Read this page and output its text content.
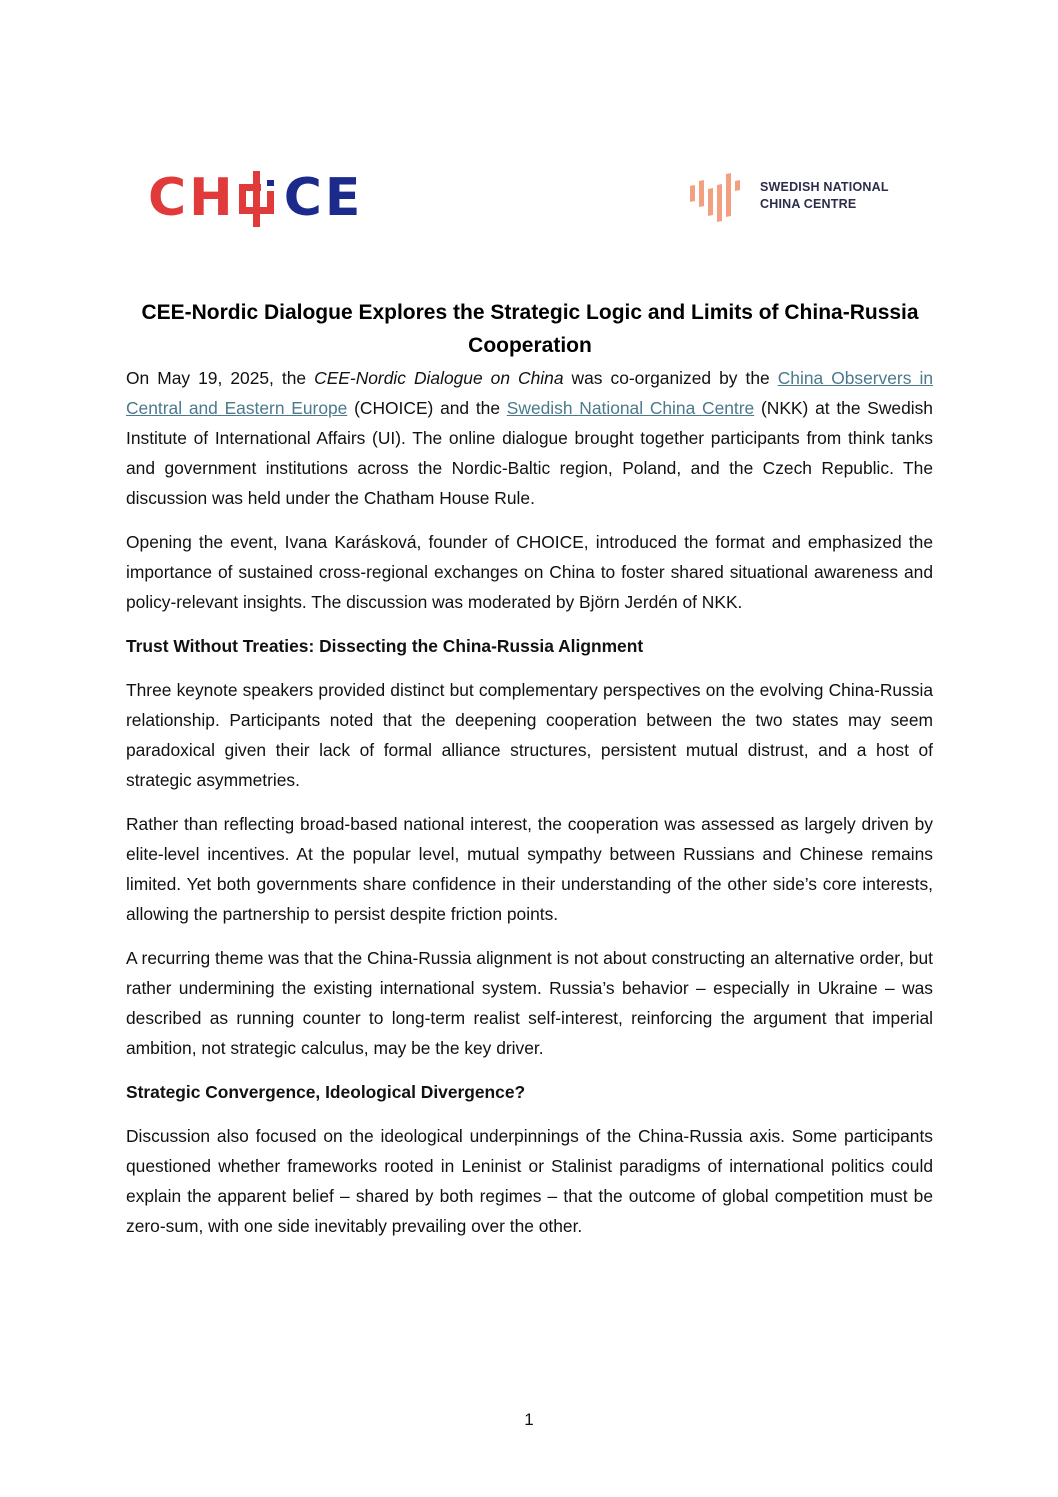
CH CE	SWEDISH NATIONAL
CHINA CENTRE
CEE-Nordic Dialogue Explores the Strategic Logic and Limits of China-Russia Cooperation

On May 19, 2025, the CEE-Nordic Dialogue on China was co-organized by the China Observers in Central and Eastern Europe (CHOICE) and the Swedish National China Centre (NKK) at the Swedish Institute of International Affairs (UI). The online dialogue brought together participants from think tanks and government institutions across the Nordic-Baltic region, Poland, and the Czech Republic. The discussion was held under the Chatham House Rule.

Opening the event, Ivana Karásková, founder of CHOICE, introduced the format and emphasized the importance of sustained cross-regional exchanges on China to foster shared situational awareness and policy-relevant insights. The discussion was moderated by Björn Jerdén of NKK.

Trust Without Treaties: Dissecting the China-Russia Alignment

Three keynote speakers provided distinct but complementary perspectives on the evolving China-Russia relationship. Participants noted that the deepening cooperation between the two states may seem paradoxical given their lack of formal alliance structures, persistent mutual distrust, and a host of strategic asymmetries.

Rather than reflecting broad-based national interest, the cooperation was assessed as largely driven by elite-level incentives. At the popular level, mutual sympathy between Russians and Chinese remains limited. Yet both governments share confidence in their understanding of the other side’s core interests, allowing the partnership to persist despite friction points.

A recurring theme was that the China-Russia alignment is not about constructing an alternative order, but rather undermining the existing international system. Russia’s behavior – especially in Ukraine – was described as running counter to long-term realist self-interest, reinforcing the argument that imperial ambition, not strategic calculus, may be the key driver.

Strategic Convergence, Ideological Divergence?

Discussion also focused on the ideological underpinnings of the China-Russia axis. Some participants questioned whether frameworks rooted in Leninist or Stalinist paradigms of international politics could explain the apparent belief – shared by both regimes – that the outcome of global competition must be zero-sum, with one side inevitably prevailing over the other.

1
